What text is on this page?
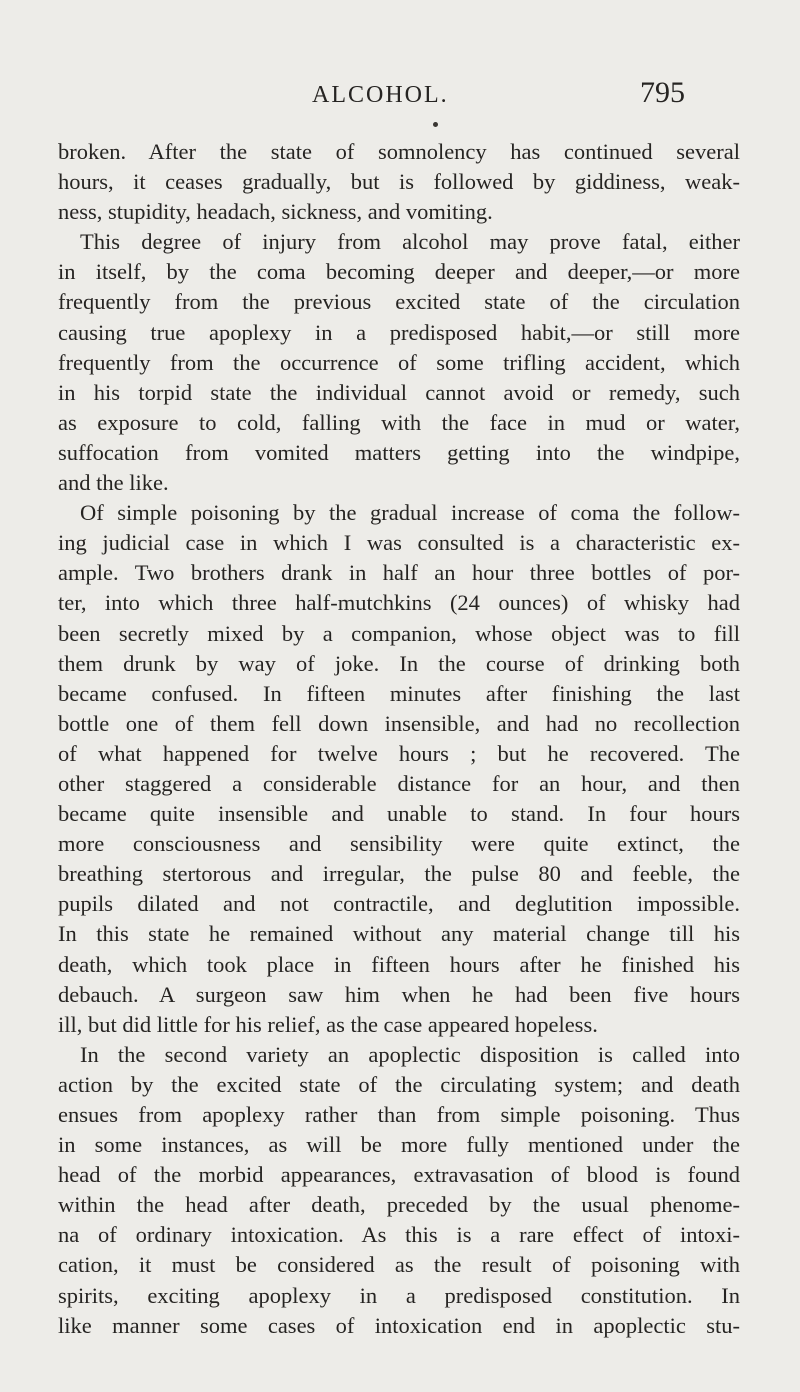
ALCOHOL.	795
broken. After the state of somnolency has continued several
hours, it ceases gradually, but is followed by giddiness, weak-
ness, stupidity, headach, sickness, and vomiting.
This degree of injury from alcohol may prove fatal, either
in itself, by the coma becoming deeper and deeper,—or more
frequently from the previous excited state of the circulation
causing true apoplexy in a predisposed habit,—or still more
frequently from the occurrence of some trifling accident, which
in his torpid state the individual cannot avoid or remedy, such
as exposure to cold, falling with the face in mud or water,
suffocation from vomited matters getting into the windpipe,
and the like.
Of simple poisoning by the gradual increase of coma the follow-
ing judicial case in which I was consulted is a characteristic ex-
ample. Two brothers drank in half an hour three bottles of por-
ter, into which three half-mutchkins (24 ounces) of whisky had
been secretly mixed by a companion, whose object was to fill
them drunk by way of joke. In the course of drinking both
became confused. In fifteen minutes after finishing the last
bottle one of them fell down insensible, and had no recollection
of what happened for twelve hours ; but he recovered. The
other staggered a considerable distance for an hour, and then
became quite insensible and unable to stand. In four hours
more consciousness and sensibility were quite extinct, the
breathing stertorous and irregular, the pulse 80 and feeble, the
pupils dilated and not contractile, and deglutition impossible.
In this state he remained without any material change till his
death, which took place in fifteen hours after he finished his
debauch. A surgeon saw him when he had been five hours
ill, but did little for his relief, as the case appeared hopeless.
In the second variety an apoplectic disposition is called into
action by the excited state of the circulating system; and death
ensues from apoplexy rather than from simple poisoning. Thus
in some instances, as will be more fully mentioned under the
head of the morbid appearances, extravasation of blood is found
within the head after death, preceded by the usual phenome-
na of ordinary intoxication. As this is a rare effect of intoxi-
cation, it must be considered as the result of poisoning with
spirits, exciting apoplexy in a predisposed constitution. In
like manner some cases of intoxication end in apoplectic stu-
